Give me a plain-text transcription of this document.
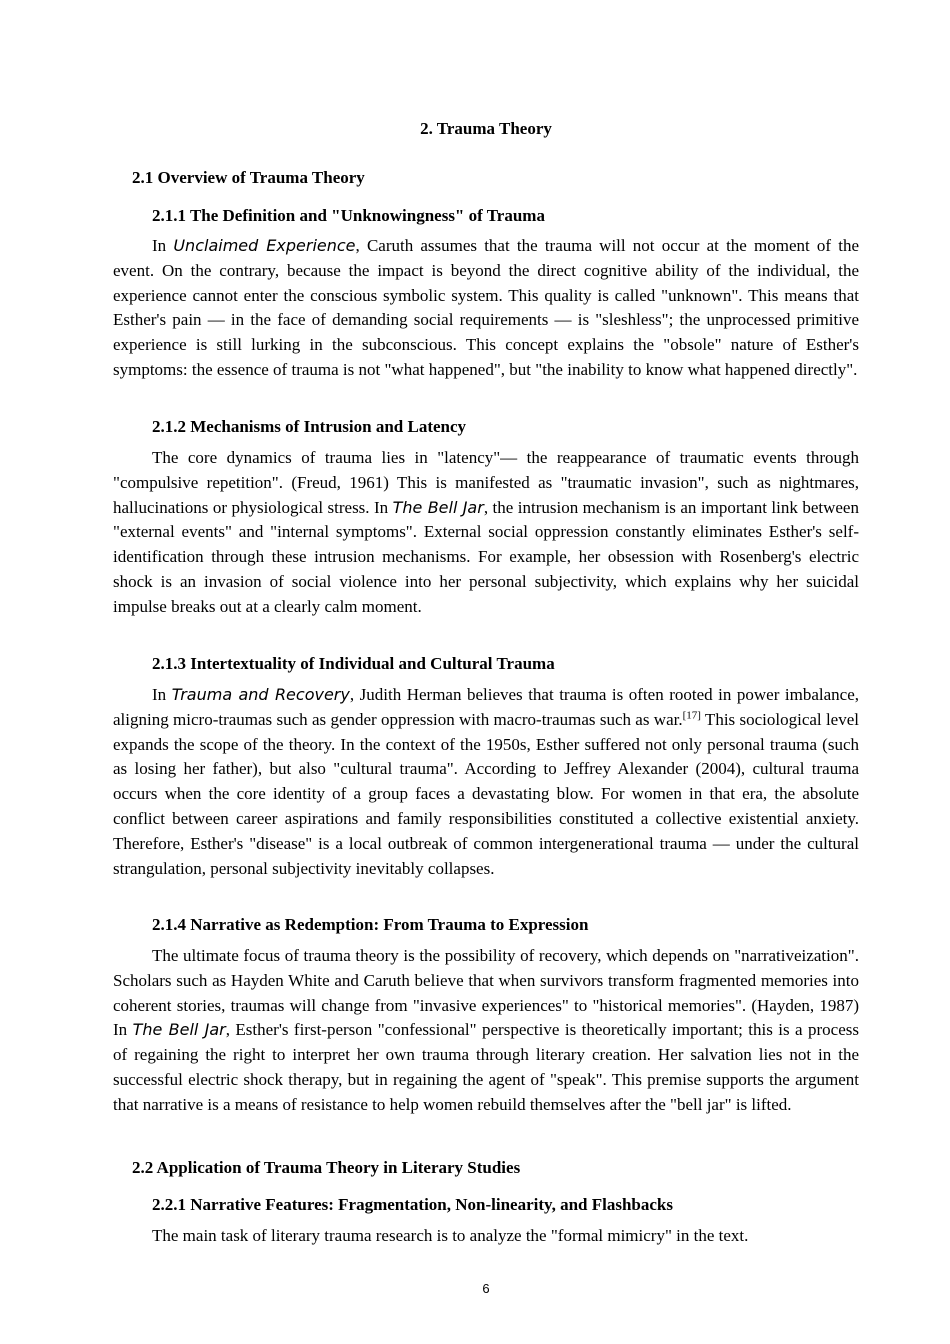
2. Trauma Theory
2.1 Overview of Trauma Theory
2.1.1 The Definition and "Unknowingness" of Trauma
In Unclaimed Experience, Caruth assumes that the trauma will not occur at the moment of the event. On the contrary, because the impact is beyond the direct cognitive ability of the individual, the experience cannot enter the conscious symbolic system. This quality is called "unknown". This means that Esther's pain — in the face of demanding social requirements — is "sleshless"; the unprocessed primitive experience is still lurking in the subconscious. This concept explains the "obsole" nature of Esther's symptoms: the essence of trauma is not "what happened", but "the inability to know what happened directly".
2.1.2 Mechanisms of Intrusion and Latency
The core dynamics of trauma lies in "latency"— the reappearance of traumatic events through "compulsive repetition". (Freud, 1961) This is manifested as "traumatic invasion", such as nightmares, hallucinations or physiological stress. In The Bell Jar, the intrusion mechanism is an important link between "external events" and "internal symptoms". External social oppression constantly eliminates Esther's self-identification through these intrusion mechanisms. For example, her obsession with Rosenberg's electric shock is an invasion of social violence into her personal subjectivity, which explains why her suicidal impulse breaks out at a clearly calm moment.
2.1.3 Intertextuality of Individual and Cultural Trauma
In Trauma and Recovery, Judith Herman believes that trauma is often rooted in power imbalance, aligning micro-traumas such as gender oppression with macro-traumas such as war.[17] This sociological level expands the scope of the theory. In the context of the 1950s, Esther suffered not only personal trauma (such as losing her father), but also "cultural trauma". According to Jeffrey Alexander (2004), cultural trauma occurs when the core identity of a group faces a devastating blow. For women in that era, the absolute conflict between career aspirations and family responsibilities constituted a collective existential anxiety. Therefore, Esther's "disease" is a local outbreak of common intergenerational trauma — under the cultural strangulation, personal subjectivity inevitably collapses.
2.1.4 Narrative as Redemption: From Trauma to Expression
The ultimate focus of trauma theory is the possibility of recovery, which depends on "narrativeization". Scholars such as Hayden White and Caruth believe that when survivors transform fragmented memories into coherent stories, traumas will change from "invasive experiences" to "historical memories". (Hayden, 1987) In The Bell Jar, Esther's first-person "confessional" perspective is theoretically important; this is a process of regaining the right to interpret her own trauma through literary creation. Her salvation lies not in the successful electric shock therapy, but in regaining the agent of "speak". This premise supports the argument that narrative is a means of resistance to help women rebuild themselves after the "bell jar" is lifted.
2.2 Application of Trauma Theory in Literary Studies
2.2.1 Narrative Features: Fragmentation, Non-linearity, and Flashbacks
The main task of literary trauma research is to analyze the "formal mimicry" in the text.
6
